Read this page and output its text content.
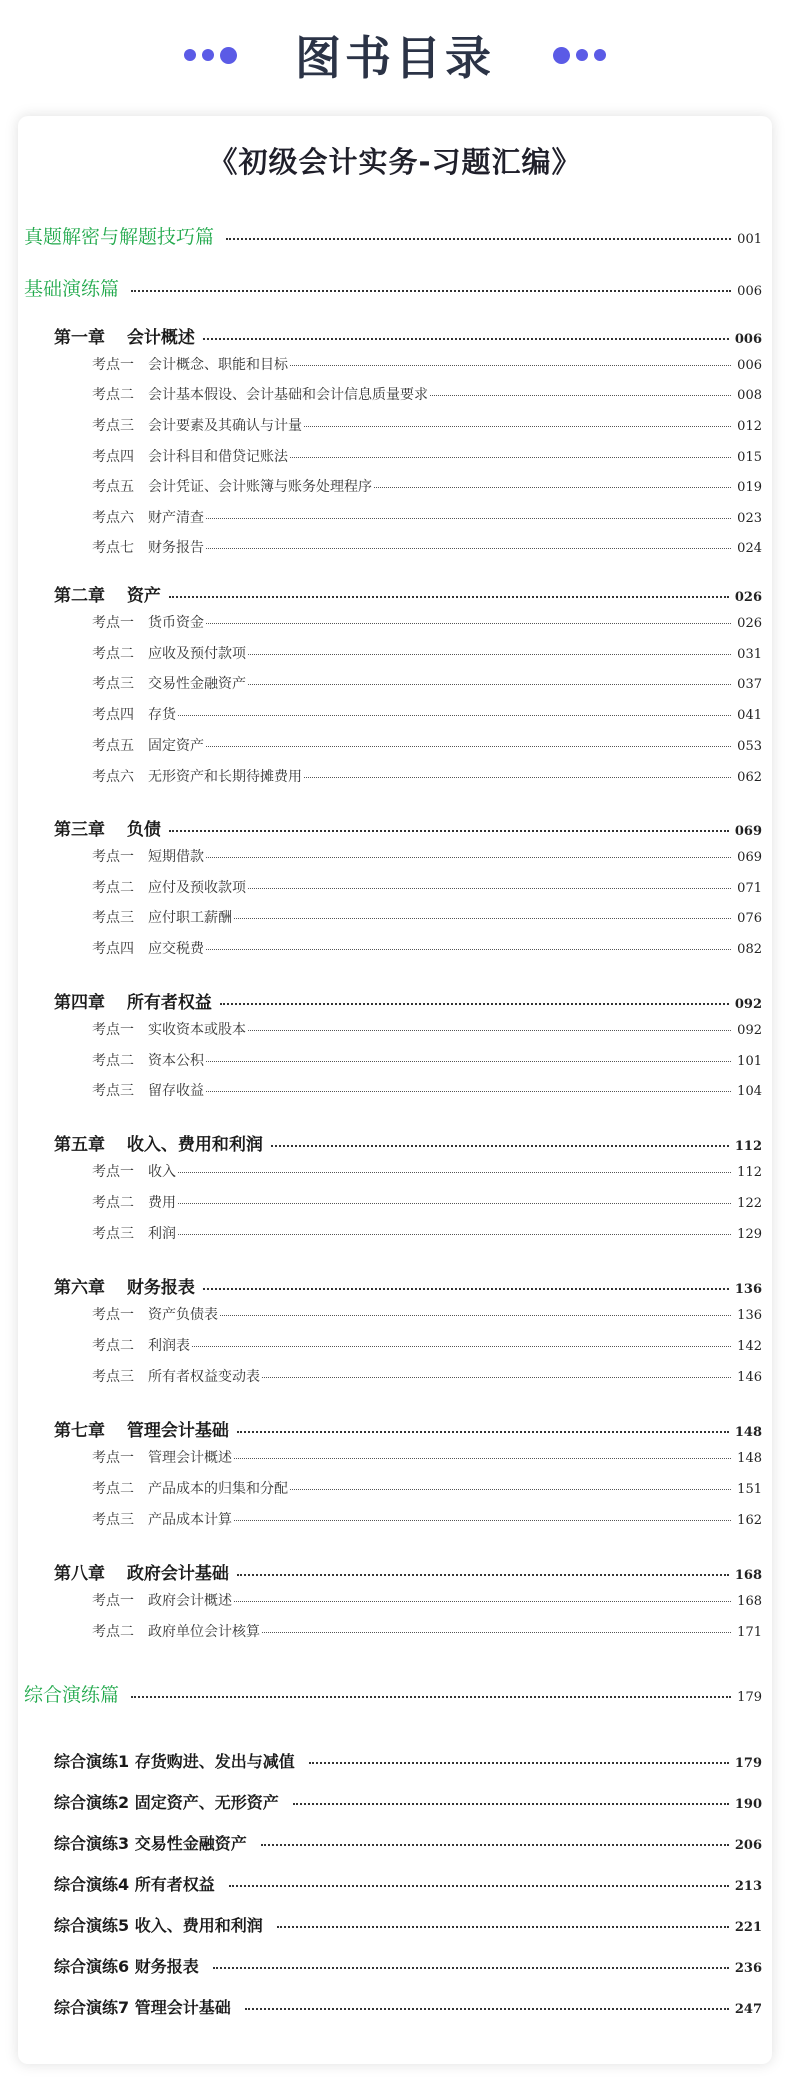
图书目录
《初级会计实务-习题汇编》
真题解密与解题技巧篇	001
基础演练篇	006
第一章 会计概述	006
考点一 会计概念、职能和目标	006
考点二 会计基本假设、会计基础和会计信息质量要求	008
考点三 会计要素及其确认与计量	012
考点四 会计科目和借贷记账法	015
考点五 会计凭证、会计账簿与账务处理程序	019
考点六 财产清查	023
考点七 财务报告	024
第二章 资产	026
考点一 货币资金	026
考点二 应收及预付款项	031
考点三 交易性金融资产	037
考点四 存货	041
考点五 固定资产	053
考点六 无形资产和长期待摊费用	062
第三章 负债	069
考点一 短期借款	069
考点二 应付及预收款项	071
考点三 应付职工薪酬	076
考点四 应交税费	082
第四章 所有者权益	092
考点一 实收资本或股本	092
考点二 资本公积	101
考点三 留存收益	104
第五章 收入、费用和利润	112
考点一 收入	112
考点二 费用	122
考点三 利润	129
第六章 财务报表	136
考点一 资产负债表	136
考点二 利润表	142
考点三 所有者权益变动表	146
第七章 管理会计基础	148
考点一 管理会计概述	148
考点二 产品成本的归集和分配	151
考点三 产品成本计算	162
第八章 政府会计基础	168
考点一 政府会计概述	168
考点二 政府单位会计核算	171
综合演练篇	179
综合演练1 存货购进、发出与减值	179
综合演练2 固定资产、无形资产	190
综合演练3 交易性金融资产	206
综合演练4 所有者权益	213
综合演练5 收入、费用和利润	221
综合演练6 财务报表	236
综合演练7 管理会计基础	247
